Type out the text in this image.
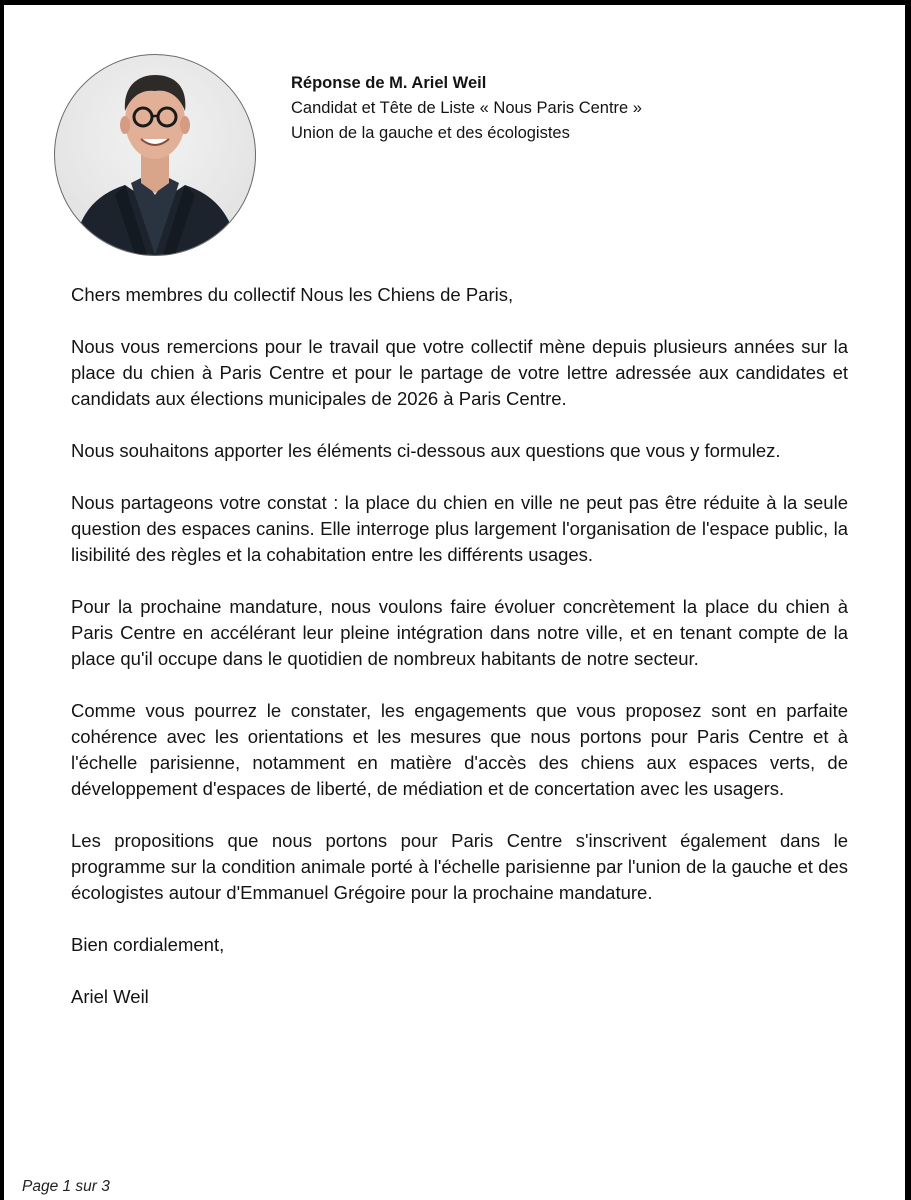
Réponse de M. Ariel Weil
Candidat et Tête de Liste « Nous Paris Centre »
Union de la gauche et des écologistes

Chers membres du collectif Nous les Chiens de Paris,

Nous vous remercions pour le travail que votre collectif mène depuis plusieurs années sur la place du chien à Paris Centre et pour le partage de votre lettre adressée aux candidates et candidats aux élections municipales de 2026 à Paris Centre.

Nous souhaitons apporter les éléments ci-dessous aux questions que vous y formulez.

Nous partageons votre constat : la place du chien en ville ne peut pas être réduite à la seule question des espaces canins. Elle interroge plus largement l'organisation de l'espace public, la lisibilité des règles et la cohabitation entre les différents usages.

Pour la prochaine mandature, nous voulons faire évoluer concrètement la place du chien à Paris Centre en accélérant leur pleine intégration dans notre ville, et en tenant compte de la place qu'il occupe dans le quotidien de nombreux habitants de notre secteur.

Comme vous pourrez le constater, les engagements que vous proposez sont en parfaite cohérence avec les orientations et les mesures que nous portons pour Paris Centre et à l'échelle parisienne, notamment en matière d'accès des chiens aux espaces verts, de développement d'espaces de liberté, de médiation et de concertation avec les usagers.

Les propositions que nous portons pour Paris Centre s'inscrivent également dans le programme sur la condition animale porté à l'échelle parisienne par l'union de la gauche et des écologistes autour d'Emmanuel Grégoire pour la prochaine mandature.

Bien cordialement,

Ariel Weil

Page 1 sur 3
